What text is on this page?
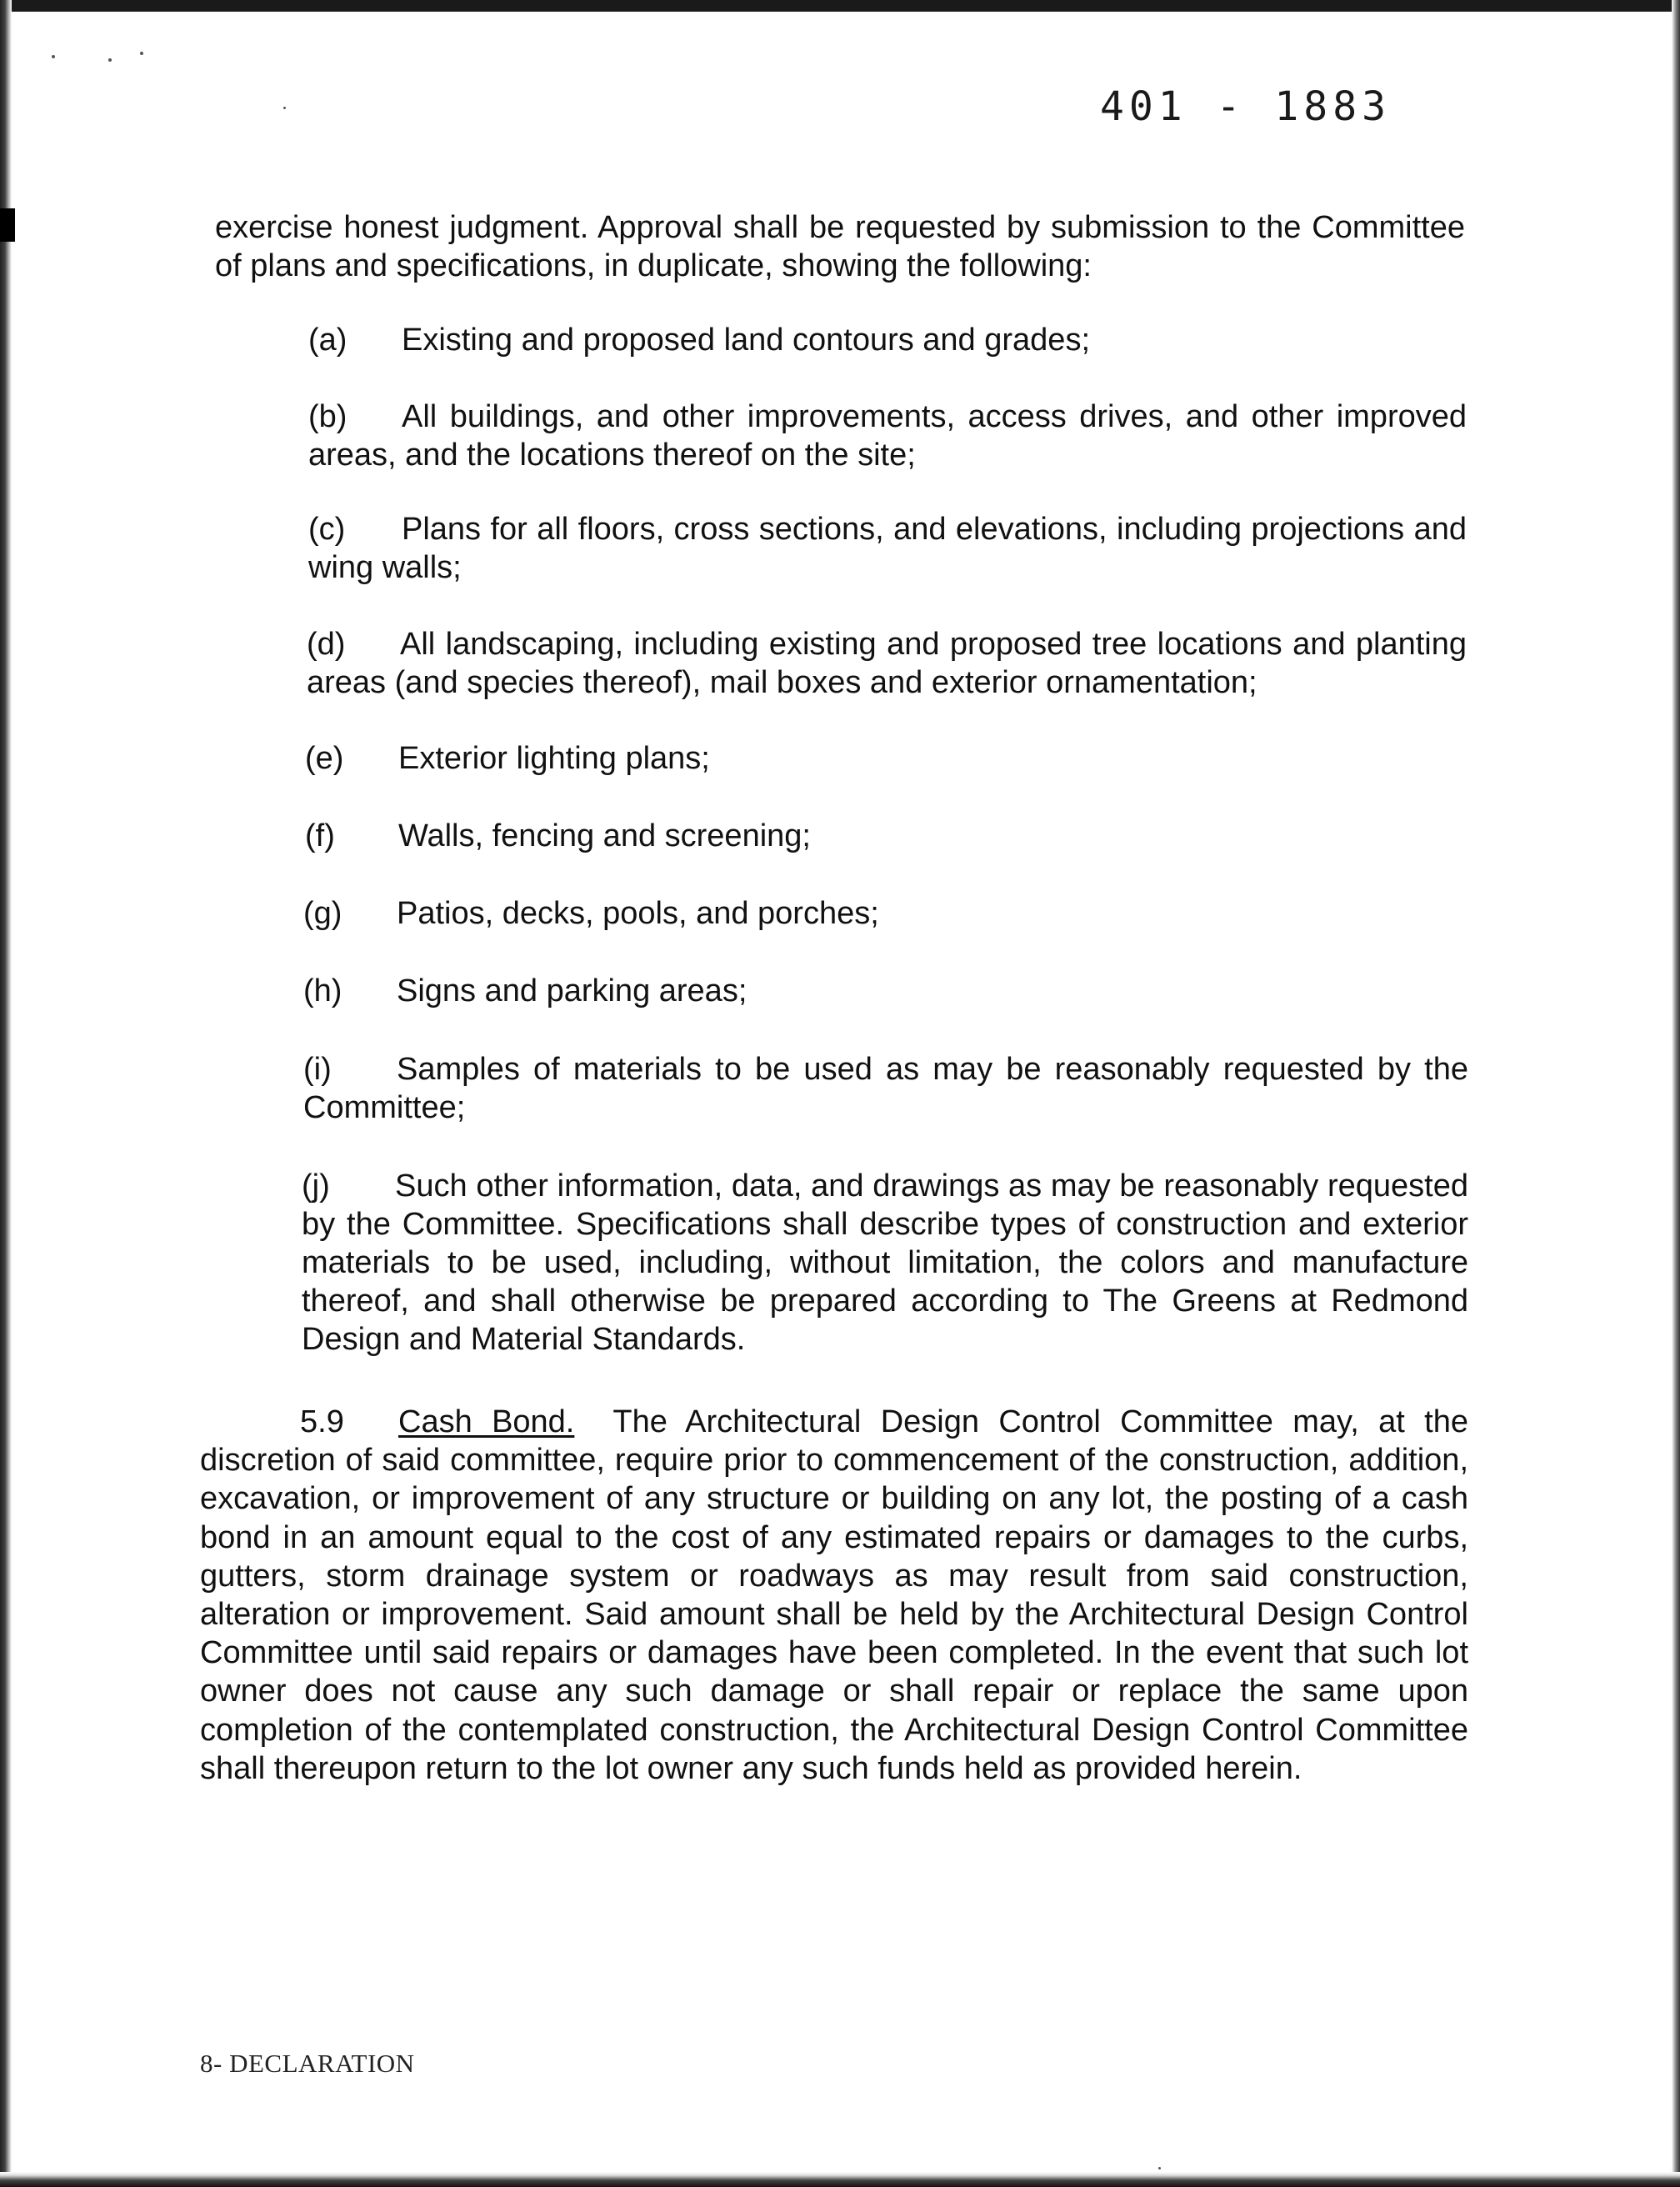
401 - 1883

exercise honest judgment. Approval shall be requested by submission to the Committee of plans and specifications, in duplicate, showing the following:

(a) Existing and proposed land contours and grades;

(b) All buildings, and other improvements, access drives, and other improved areas, and the locations thereof on the site;

(c) Plans for all floors, cross sections, and elevations, including projections and wing walls;

(d) All landscaping, including existing and proposed tree locations and planting areas (and species thereof), mail boxes and exterior ornamentation;

(e) Exterior lighting plans;

(f) Walls, fencing and screening;

(g) Patios, decks, pools, and porches;

(h) Signs and parking areas;

(i) Samples of materials to be used as may be reasonably requested by the Committee;

(j) Such other information, data, and drawings as may be reasonably requested by the Committee. Specifications shall describe types of construction and exterior materials to be used, including, without limitation, the colors and manufacture thereof, and shall otherwise be prepared according to The Greens at Redmond Design and Material Standards.

5.9 Cash Bond. The Architectural Design Control Committee may, at the discretion of said committee, require prior to commencement of the construction, addition, excavation, or improvement of any structure or building on any lot, the posting of a cash bond in an amount equal to the cost of any estimated repairs or damages to the curbs, gutters, storm drainage system or roadways as may result from said construction, alteration or improvement. Said amount shall be held by the Architectural Design Control Committee until said repairs or damages have been completed. In the event that such lot owner does not cause any such damage or shall repair or replace the same upon completion of the contemplated construction, the Architectural Design Control Committee shall thereupon return to the lot owner any such funds held as provided herein.

8- DECLARATION
